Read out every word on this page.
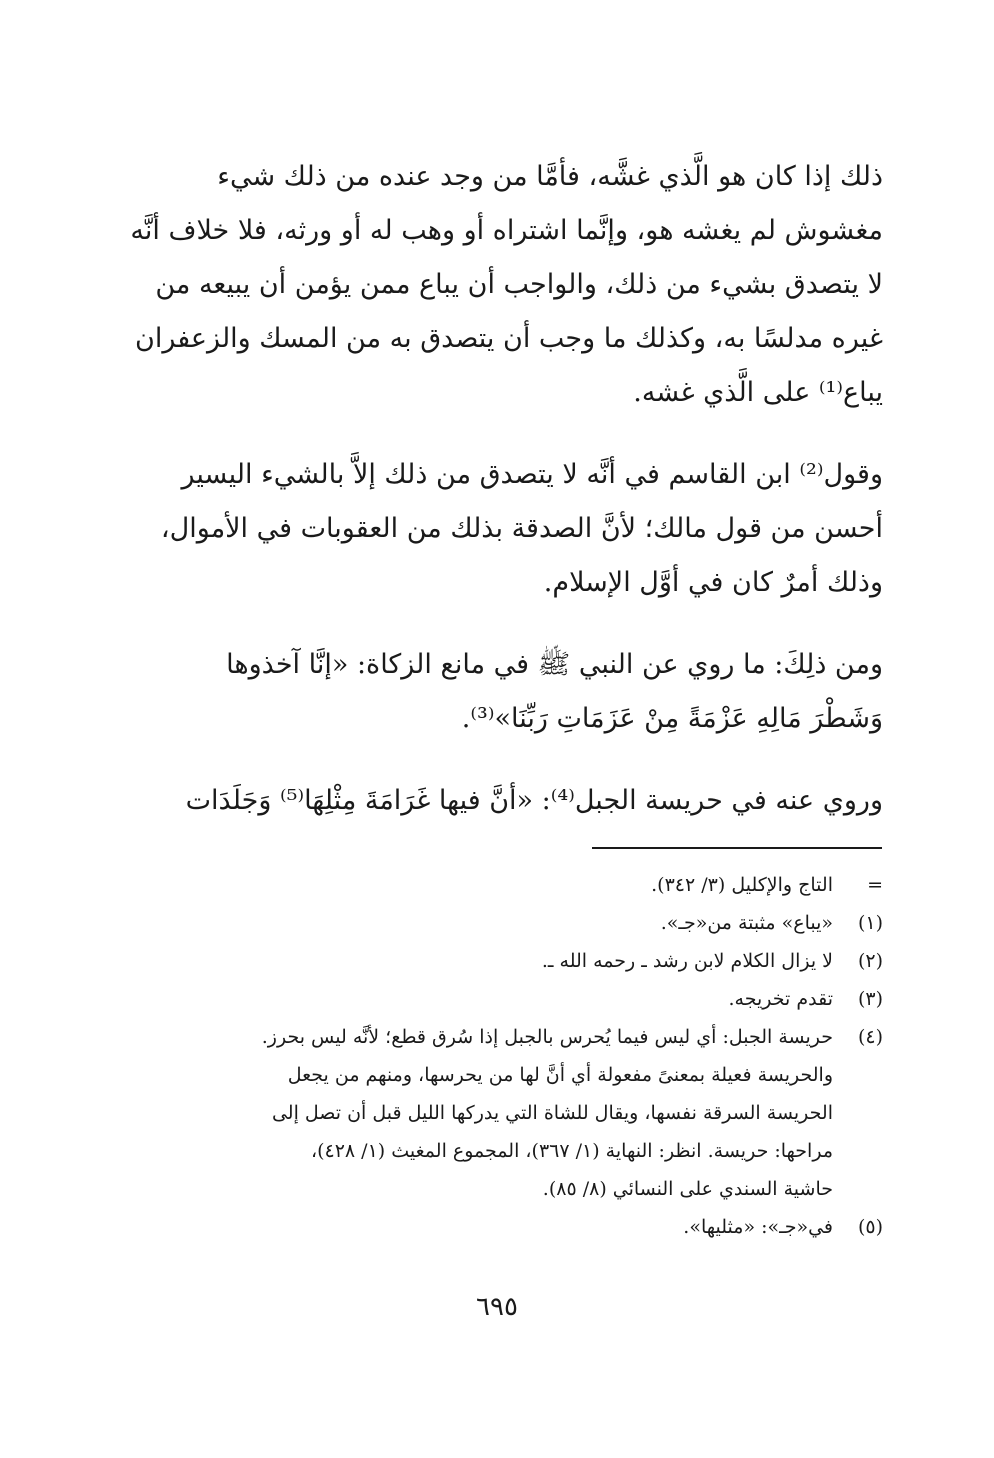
ذلك إذا كان هو الَّذي غشَّه، فأمَّا من وجد عنده من ذلك شيء
مغشوش لم يغشه هو، وإنَّما اشتراه أو وهب له أو ورثه، فلا خلاف أنَّه
لا يتصدق بشيء من ذلك، والواجب أن يباع ممن يؤمن أن يبيعه من
غيره مدلسًا به، وكذلك ما وجب أن يتصدق به من المسك والزعفران
يباع⁽¹⁾ على الَّذي غشه.
وقول⁽²⁾ ابن القاسم في أنَّه لا يتصدق من ذلك إلاَّ بالشيء اليسير
أحسن من قول مالك؛ لأنَّ الصدقة بذلك من العقوبات في الأموال،
وذلك أمرٌ كان في أوَّل الإسلام.
ومن ذلِكَ: ما روي عن النبي ﷺ في مانع الزكاة: «إنَّا آخذوها
وَشَطْرَ مَالِهِ عَزْمَةً مِنْ عَزَمَاتِ رَبِّنَا»⁽³⁾.
وروي عنه في حريسة الجبل⁽⁴⁾: «أنَّ فيها غَرَامَةَ مِثْلِهَا⁽⁵⁾ وَجَلَدَات
=
التاج والإكليل (٣/ ٣٤٢).
(١)
«يباع» مثبتة من«جـ».
(٢)
لا يزال الكلام لابن رشد ـ رحمه الله ـ.
(٣)
تقدم تخريجه.
(٤)
حريسة الجبل: أي ليس فيما يُحرس بالجبل إذا سُرق قطع؛ لأنَّه ليس بحرز.
والحريسة فعيلة بمعنىً مفعولة أي أنَّ لها من يحرسها، ومنهم من يجعل
الحريسة السرقة نفسها، ويقال للشاة التي يدركها الليل قبل أن تصل إلى
مراحها: حريسة. انظر: النهاية (١/ ٣٦٧)، المجموع المغيث (١/ ٤٢٨)،
حاشية السندي على النسائي (٨/ ٨٥).
(٥)
في«جـ»: «مثليها».
٦٩٥
